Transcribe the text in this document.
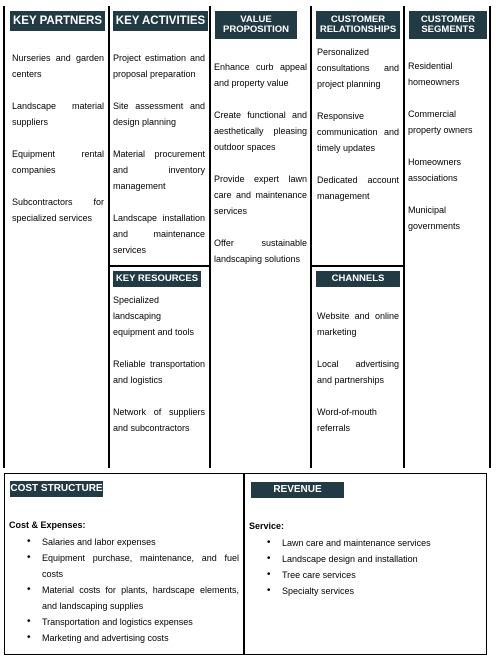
KEY PARTNERS
Nurseries and garden centers
Landscape material suppliers
Equipment rental companies
Subcontractors for specialized services
KEY ACTIVITIES
Project estimation and proposal preparation
Site assessment and design planning
Material procurement and inventory management
Landscape installation and maintenance services
KEY RESOURCES
Specialized landscaping equipment and tools
Reliable transportation and logistics
Network of suppliers and subcontractors
VALUE PROPOSITION
Enhance curb appeal and property value
Create functional and aesthetically pleasing outdoor spaces
Provide expert lawn care and maintenance services
Offer sustainable landscaping solutions
CUSTOMER RELATIONSHIPS
Personalized consultations and project planning
Responsive communication and timely updates
Dedicated account management
CHANNELS
Website and online marketing
Local advertising and partnerships
Word-of-mouth referrals
CUSTOMER SEGMENTS
Residential homeowners
Commercial property owners
Homeowners associations
Municipal governments
COST STRUCTURE
Cost & Expenses:
• Salaries and labor expenses
• Equipment purchase, maintenance, and fuel costs
• Material costs for plants, hardscape elements, and landscaping supplies
• Transportation and logistics expenses
• Marketing and advertising costs
REVENUE
Service:
• Lawn care and maintenance services
• Landscape design and installation
• Tree care services
• Specialty services
